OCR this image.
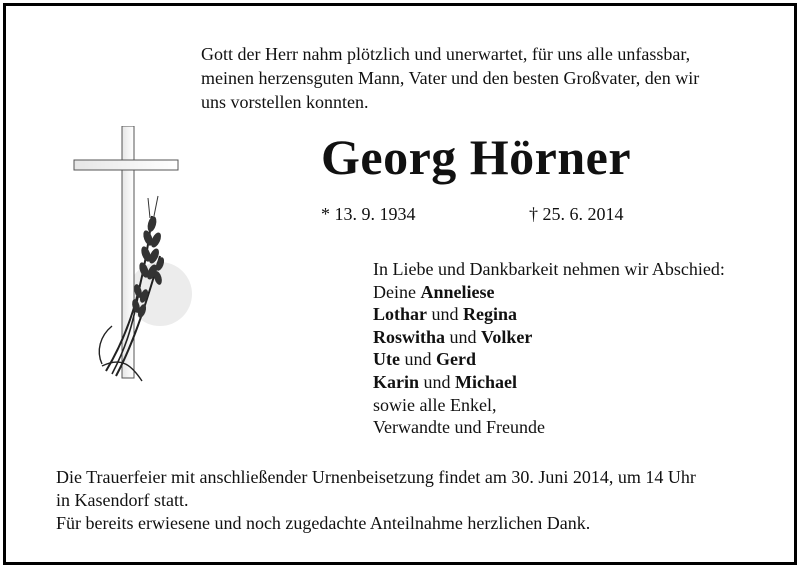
Gott der Herr nahm plötzlich und unerwartet, für uns alle unfassbar,
meinen herzensguten Mann, Vater und den besten Großvater, den wir
uns vorstellen konnten.
Georg Hörner
* 13. 9. 1934	† 25. 6. 2014
In Liebe und Dankbarkeit nehmen wir Abschied:
Deine Anneliese
Lothar und Regina
Roswitha und Volker
Ute und Gerd
Karin und Michael
sowie alle Enkel,
Verwandte und Freunde
Die Trauerfeier mit anschließender Urnenbeisetzung findet am 30. Juni 2014, um 14 Uhr
in Kasendorf statt.
Für bereits erwiesene und noch zugedachte Anteilnahme herzlichen Dank.
